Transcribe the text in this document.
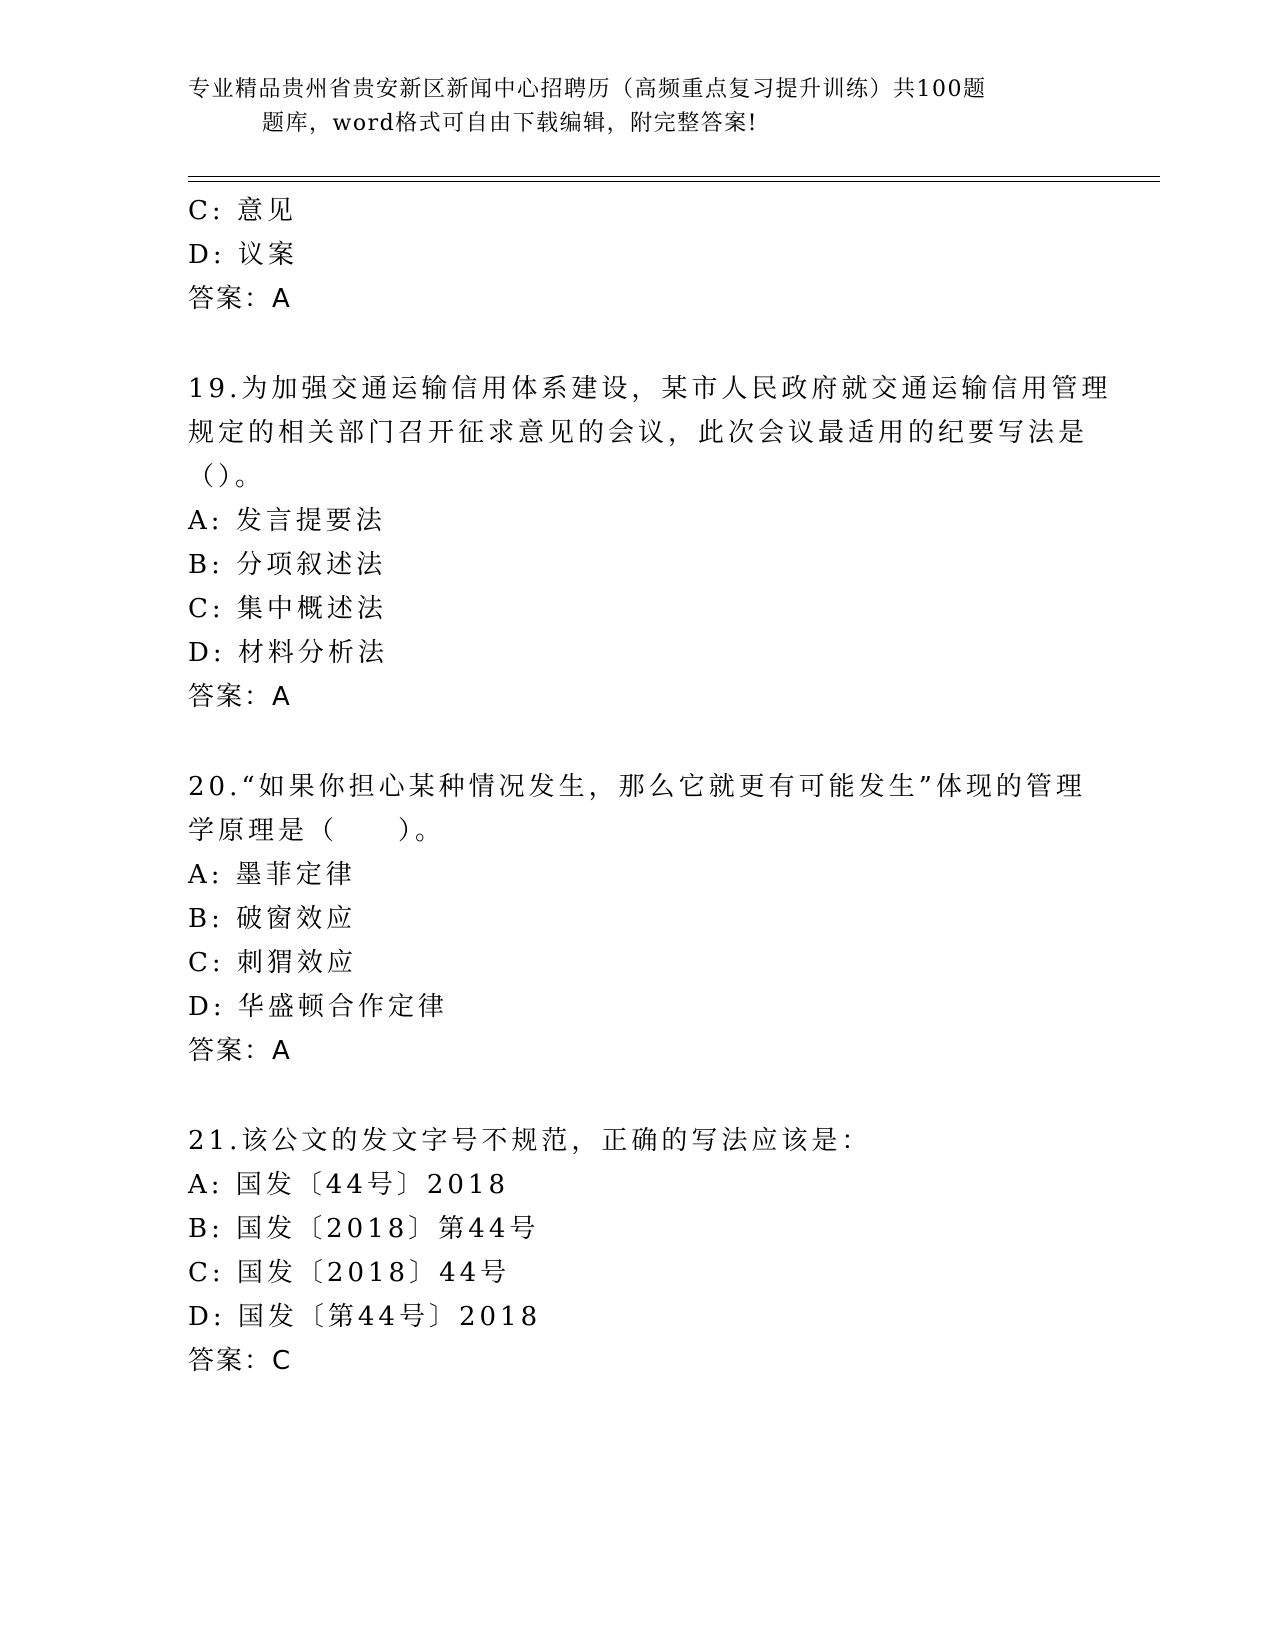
专业精品贵州省贵安新区新闻中心招聘历（高频重点复习提升训练）共100题
题库，word格式可自由下载编辑，附完整答案!
C: 意见
D: 议案
答案：A
19.为加强交通运输信用体系建设，某市人民政府就交通运输信用管理
规定的相关部门召开征求意见的会议，此次会议最适用的纪要写法是
（）。
A: 发言提要法
B: 分项叙述法
C: 集中概述法
D: 材料分析法
答案：A
20.“如果你担心某种情况发生，那么它就更有可能发生”体现的管理
学原理是（　　）。
A: 墨菲定律
B: 破窗效应
C: 刺猬效应
D: 华盛顿合作定律
答案：A
21.该公文的发文字号不规范，正确的写法应该是：
A: 国发〔44号〕2018
B: 国发〔2018〕第44号
C: 国发〔2018〕44号
D: 国发〔第44号〕2018
答案：C
